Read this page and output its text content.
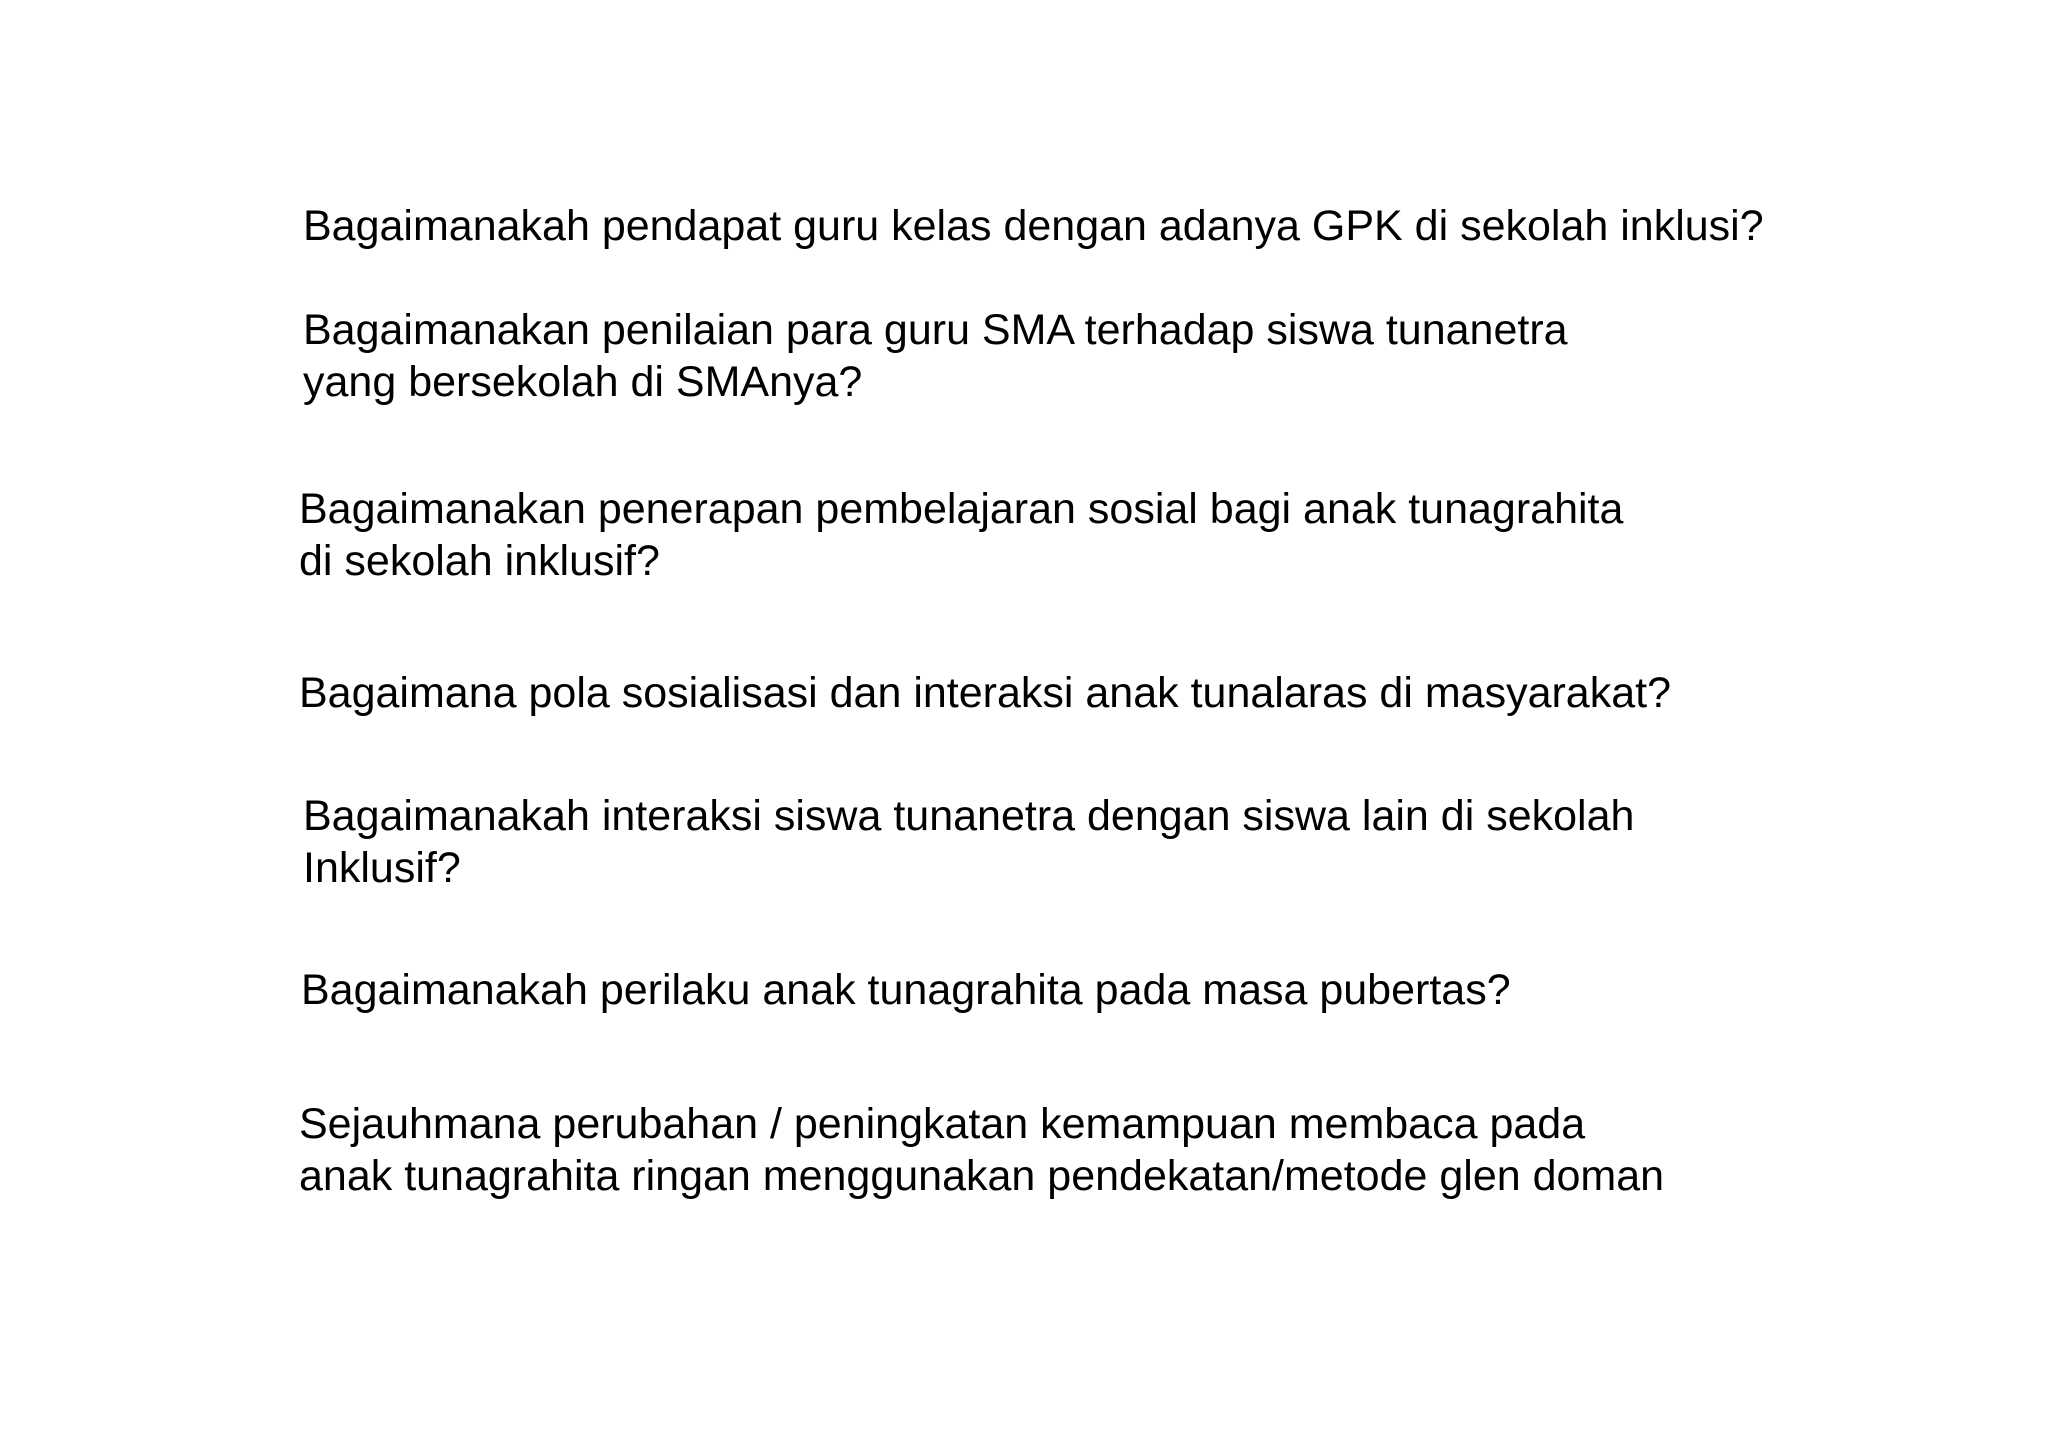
Bagaimanakah pendapat guru kelas dengan adanya GPK di sekolah inklusi?

Bagaimanakan penilaian para guru SMA terhadap siswa tunanetra
yang bersekolah di SMAnya?

Bagaimanakan penerapan pembelajaran sosial bagi anak tunagrahita
di sekolah inklusif?

Bagaimana pola sosialisasi dan interaksi anak tunalaras di masyarakat?

Bagaimanakah interaksi siswa tunanetra dengan siswa lain di sekolah
Inklusif?

Bagaimanakah perilaku anak tunagrahita pada masa pubertas?

Sejauhmana perubahan / peningkatan kemampuan membaca pada
anak tunagrahita ringan menggunakan pendekatan/metode glen doman
